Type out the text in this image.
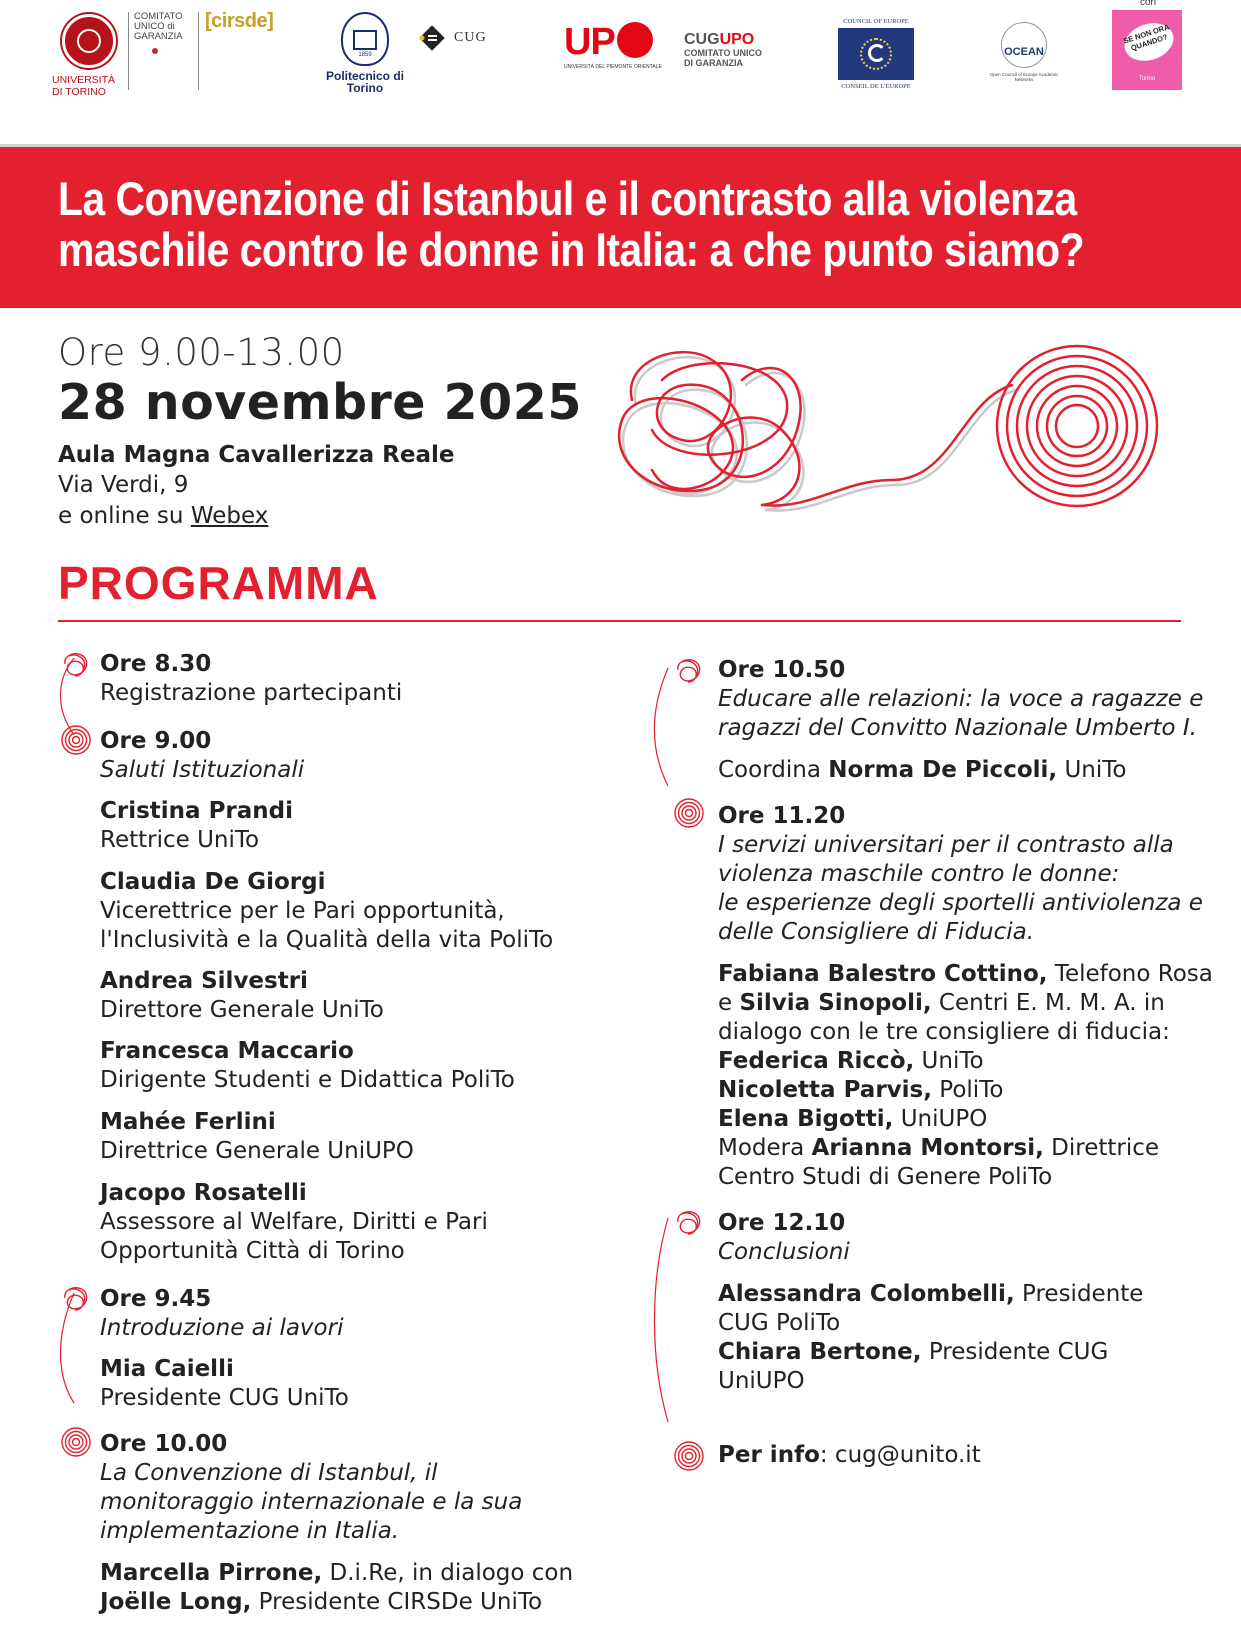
UNIVERSITÀ DI TORINO
COMITATO UNICO di GARANZIA
[cirsde]
1859
Politecnico di Torino
CUG UP
UNIVERSITÀ DEL PIEMONTE ORIENTALE
CUGUPO
COMITATO UNICO
DI GARANZIA
COUNCIL OF EUROPE
CONSEIL DE L'EUROPE
OCEAN
Open Council of Europe Academic Networks
con
SE NON ORA QUANDO?
Torino
La Convenzione di Istanbul e il contrasto alla violenza
maschile contro le donne in Italia: a che punto siamo?
Ore 9.00-13.00
28 novembre 2025
Aula Magna Cavallerizza Reale
Via Verdi, 9
e online su Webex
PROGRAMMA
Ore 8.30
Registrazione partecipanti
Ore 9.00
Saluti Istituzionali
Cristina Prandi
Rettrice UniTo
Claudia De Giorgi
Vicerettrice per le Pari opportunità,
l'Inclusività e la Qualità della vita PoliTo
Andrea Silvestri
Direttore Generale UniTo
Francesca Maccario
Dirigente Studenti e Didattica PoliTo
Mahée Ferlini
Direttrice Generale UniUPO
Jacopo Rosatelli
Assessore al Welfare, Diritti e Pari
Opportunità Città di Torino
Ore 9.45
Introduzione ai lavori
Mia Caielli
Presidente CUG UniTo
Ore 10.00
La Convenzione di Istanbul, il
monitoraggio internazionale e la sua
implementazione in Italia.
Marcella Pirrone, D.i.Re, in dialogo con
Joëlle Long, Presidente CIRSDe UniTo
Ore 10.50
Educare alle relazioni: la voce a ragazze e
ragazzi del Convitto Nazionale Umberto I.
Coordina Norma De Piccoli, UniTo
Ore 11.20
I servizi universitari per il contrasto alla
violenza maschile contro le donne:
le esperienze degli sportelli antiviolenza e
delle Consigliere di Fiducia.
Fabiana Balestro Cottino, Telefono Rosa
e Silvia Sinopoli, Centri E. M. M. A. in
dialogo con le tre consigliere di fiducia:
Federica Riccò, UniTo
Nicoletta Parvis, PoliTo
Elena Bigotti, UniUPO
Modera Arianna Montorsi, Direttrice
Centro Studi di Genere PoliTo
Ore 12.10
Conclusioni
Alessandra Colombelli, Presidente
CUG PoliTo
Chiara Bertone, Presidente CUG
UniUPO
Per info: cug@unito.it
